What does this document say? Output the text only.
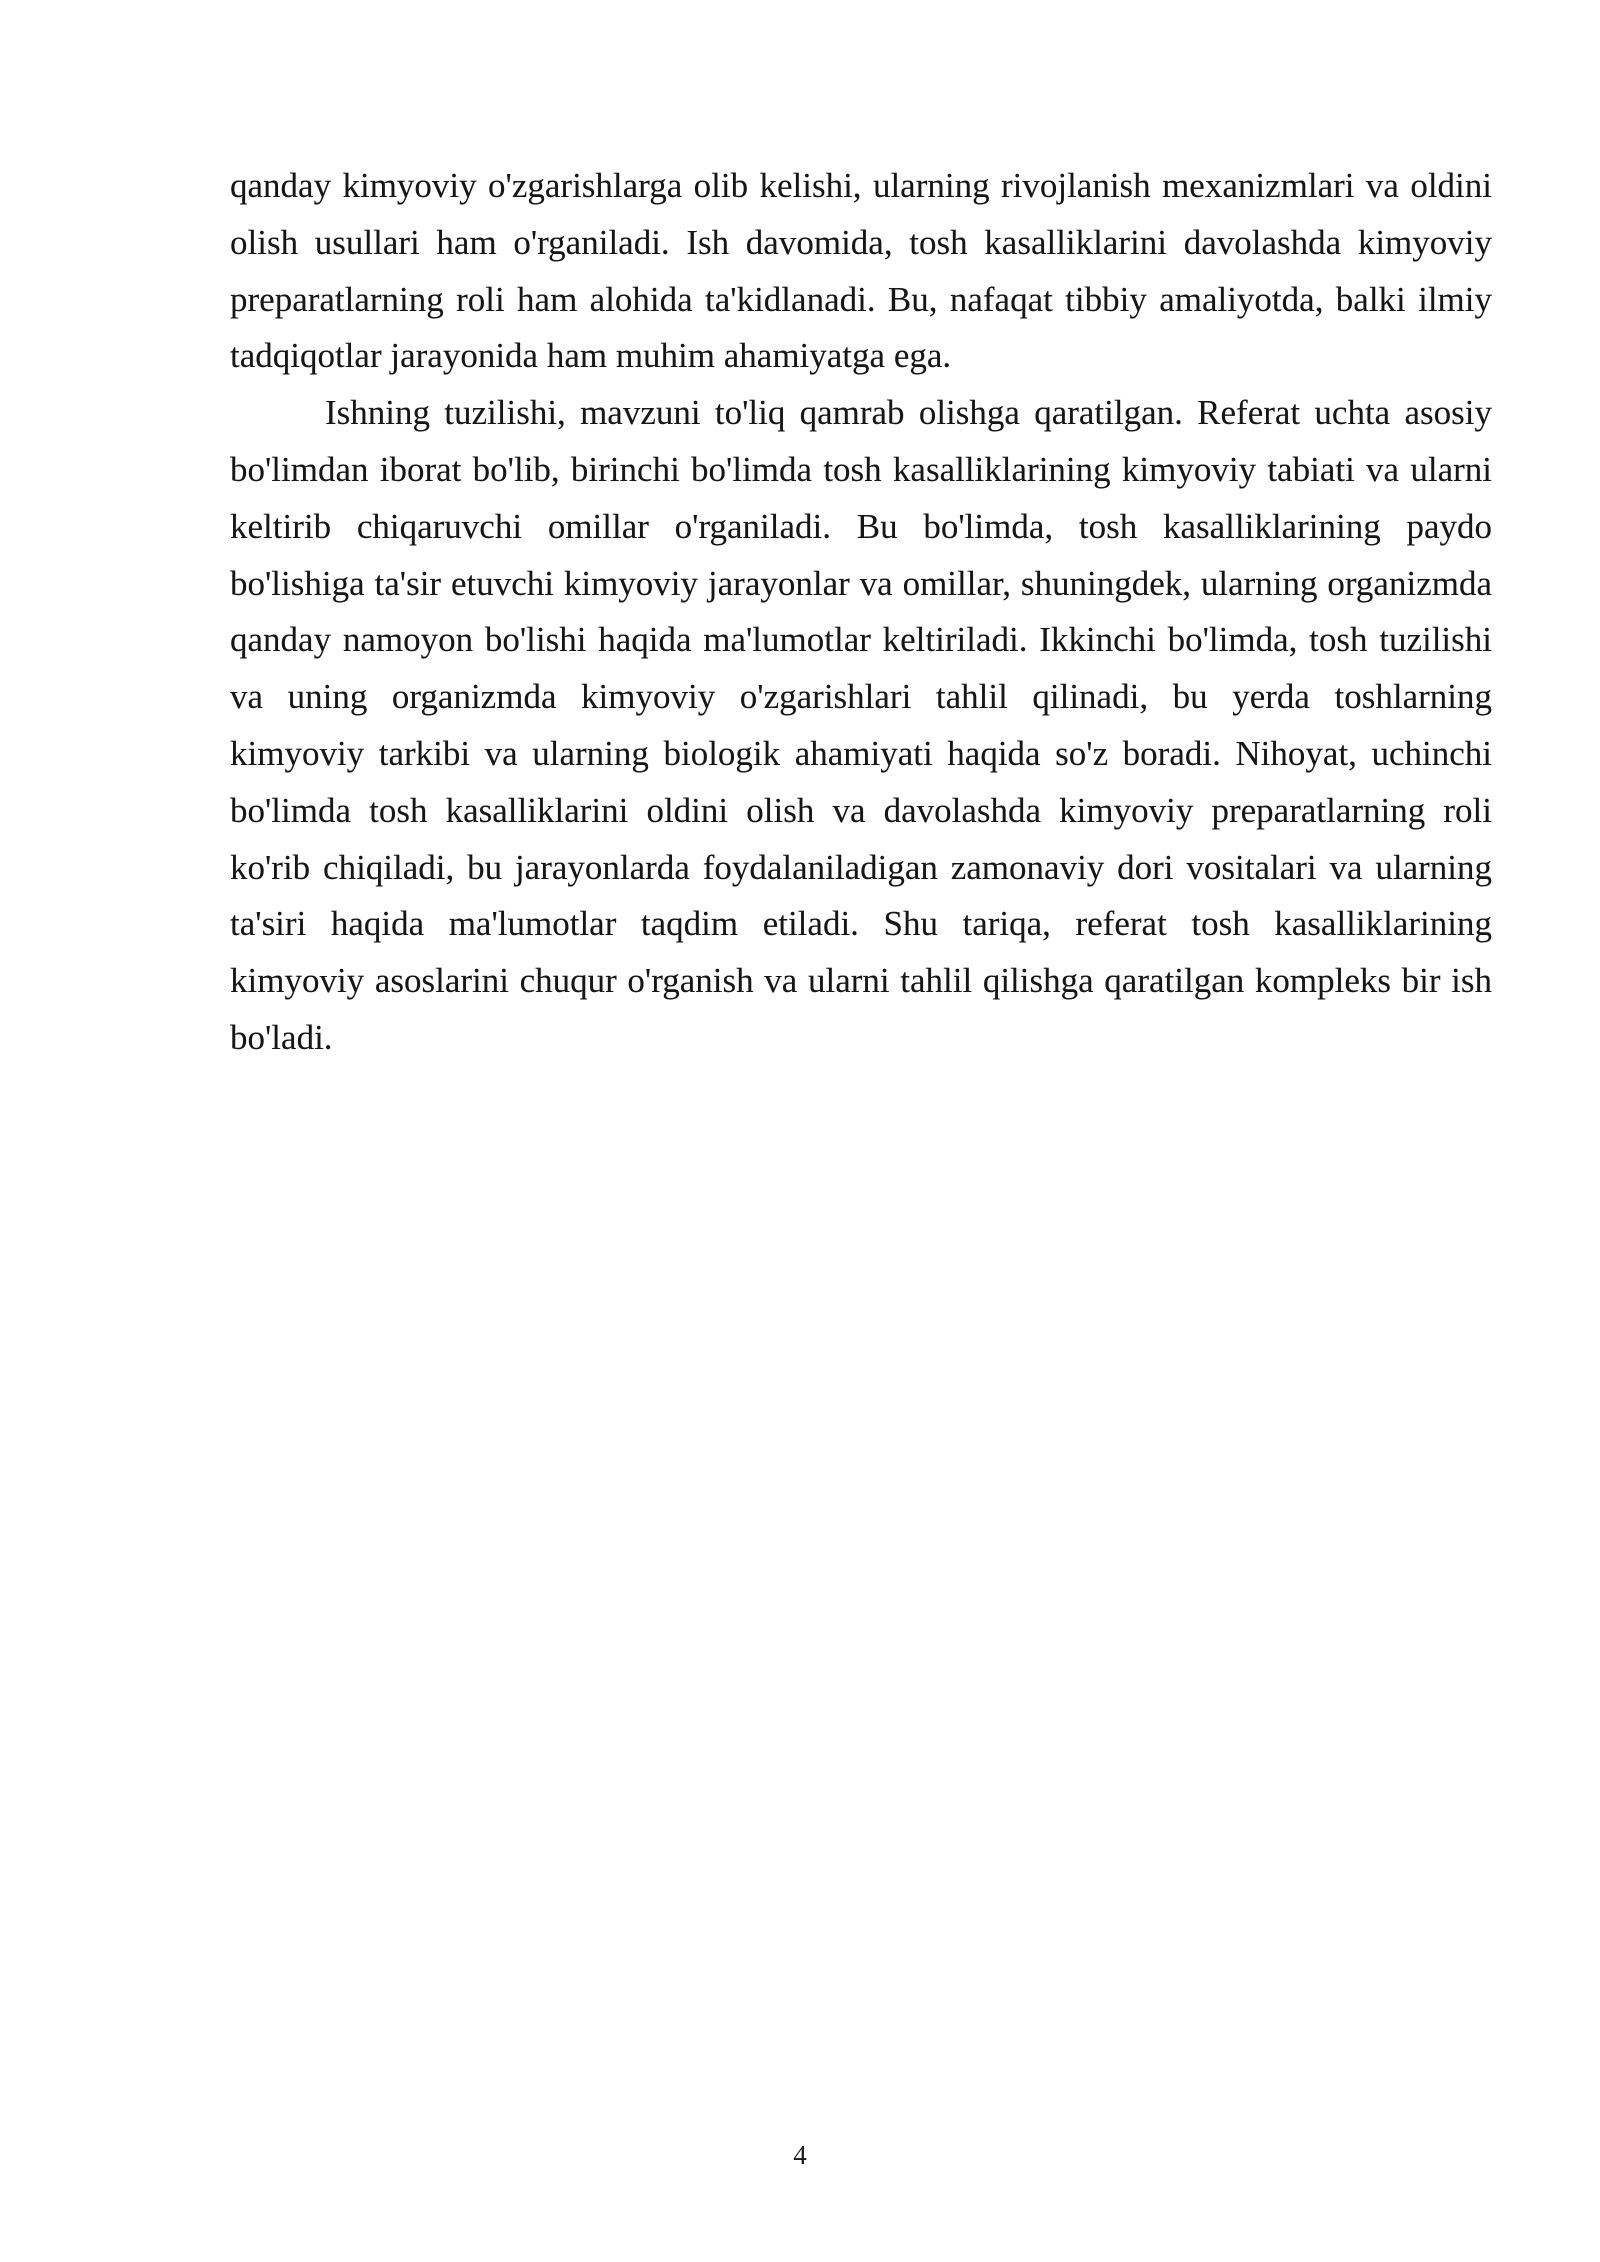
qanday kimyoviy o'zgarishlarga olib kelishi, ularning rivojlanish mexanizmlari va oldini olish usullari ham o'rganiladi. Ish davomida, tosh kasalliklarini davolashda kimyoviy preparatlarning roli ham alohida ta'kidlanadi. Bu, nafaqat tibbiy amaliyotda, balki ilmiy tadqiqotlar jarayonida ham muhim ahamiyatga ega.

Ishning tuzilishi, mavzuni to'liq qamrab olishga qaratilgan. Referat uchta asosiy bo'limdan iborat bo'lib, birinchi bo'limda tosh kasalliklarining kimyoviy tabiati va ularni keltirib chiqaruvchi omillar o'rganiladi. Bu bo'limda, tosh kasalliklarining paydo bo'lishiga ta'sir etuvchi kimyoviy jarayonlar va omillar, shuningdek, ularning organizmda qanday namoyon bo'lishi haqida ma'lumotlar keltiriladi. Ikkinchi bo'limda, tosh tuzilishi va uning organizmda kimyoviy o'zgarishlari tahlil qilinadi, bu yerda toshlarning kimyoviy tarkibi va ularning biologik ahamiyati haqida so'z boradi. Nihoyat, uchinchi bo'limda tosh kasalliklarini oldini olish va davolashda kimyoviy preparatlarning roli ko'rib chiqiladi, bu jarayonlarda foydalaniladigan zamonaviy dori vositalari va ularning ta'siri haqida ma'lumotlar taqdim etiladi. Shu tariqa, referat tosh kasalliklarining kimyoviy asoslarini chuqur o'rganish va ularni tahlil qilishga qaratilgan kompleks bir ish bo'ladi.

4
